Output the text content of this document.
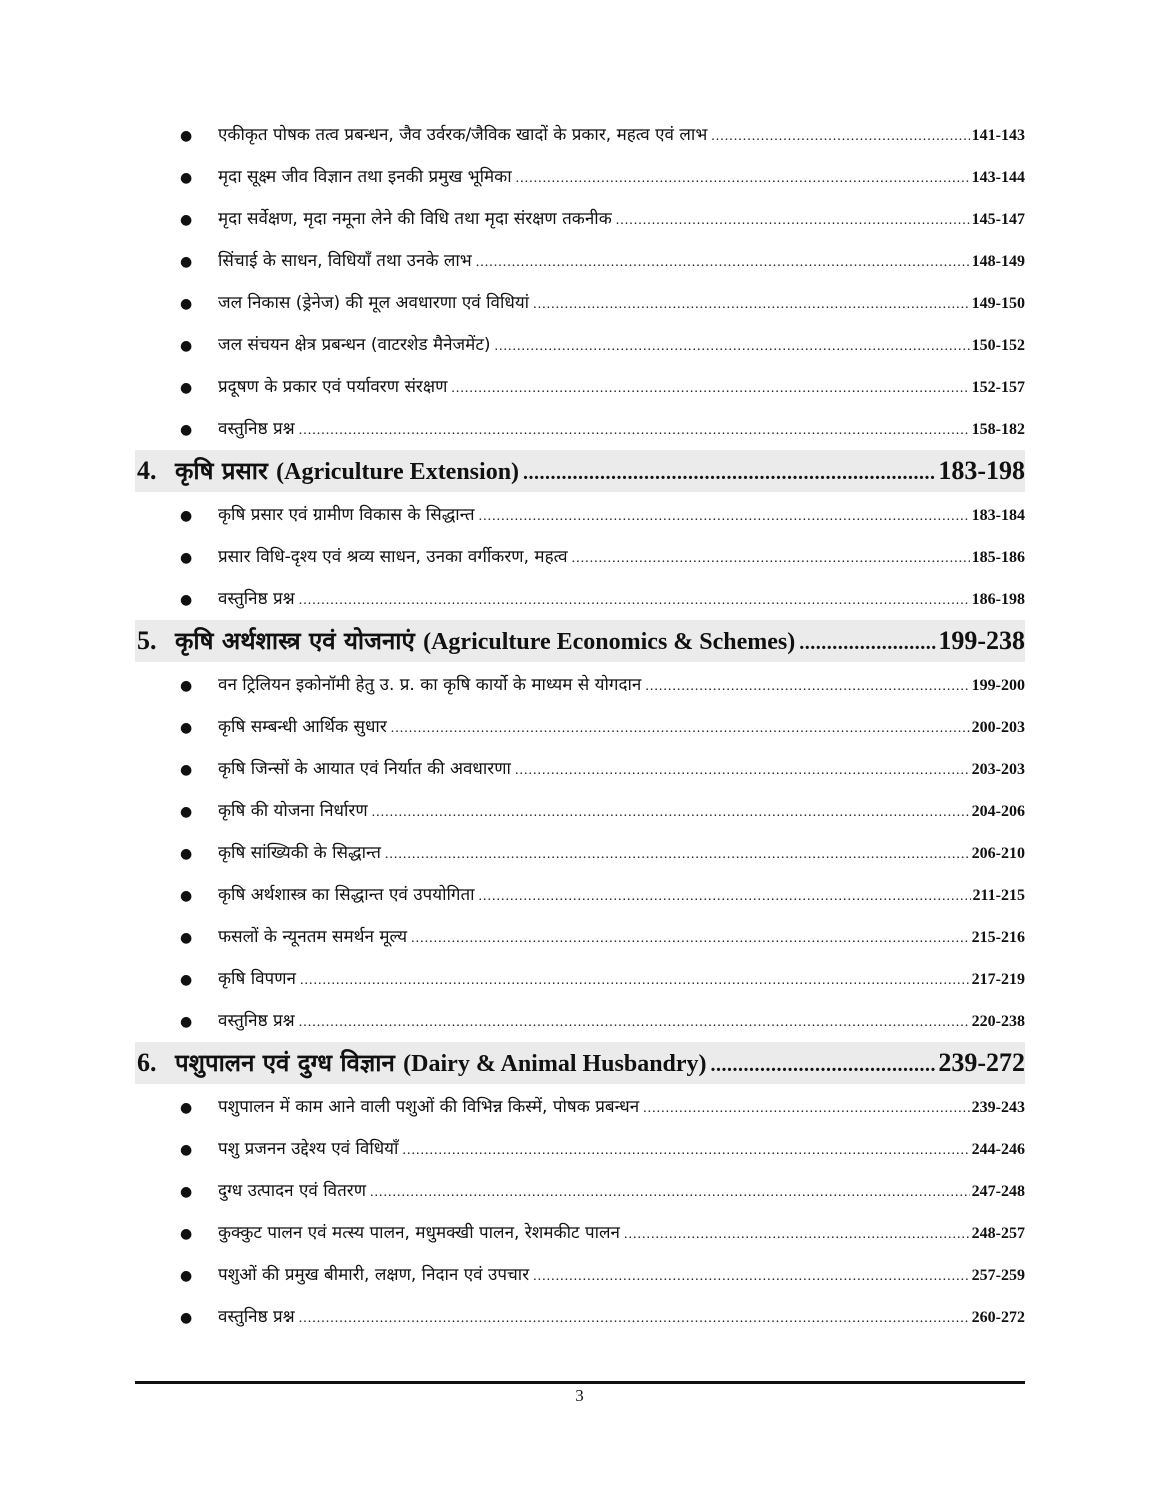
●	एकीकृत पोषक तत्व प्रबन्धन, जैव उर्वरक/जैविक खादों के प्रकार, महत्व एवं लाभ .....	141-143
●	मृदा सूक्ष्म जीव विज्ञान तथा इनकी प्रमुख भूमिका .....	143-144
●	मृदा सर्वेक्षण, मृदा नमूना लेने की विधि तथा मृदा संरक्षण तकनीक .....	145-147
●	सिंचाई के साधन, विधियाँ तथा उनके लाभ .....	148-149
●	जल निकास (ड्रेनेज) की मूल अवधारणा एवं विधियां .....	149-150
●	जल संचयन क्षेत्र प्रबन्धन (वाटरशेड मैनेजमेंट) .....	150-152
●	प्रदूषण के प्रकार एवं पर्यावरण संरक्षण .....	152-157
●	वस्तुनिष्ठ प्रश्न .....	158-182
4. कृषि प्रसार (Agriculture Extension) .....	183-198
●	कृषि प्रसार एवं ग्रामीण विकास के सिद्धान्त .....	183-184
●	प्रसार विधि-दृश्य एवं श्रव्य साधन, उनका वर्गीकरण, महत्व .....	185-186
●	वस्तुनिष्ठ प्रश्न .....	186-198
5. कृषि अर्थशास्त्र एवं योजनाएं (Agriculture Economics & Schemes) .....	199-238
●	वन ट्रिलियन इकोनॉमी हेतु उ. प्र. का कृषि कार्यो के माध्यम से योगदान .....	199-200
●	कृषि सम्बन्धी आर्थिक सुधार .....	200-203
●	कृषि जिन्सों के आयात एवं निर्यात की अवधारणा .....	203-203
●	कृषि की योजना निर्धारण .....	204-206
●	कृषि सांख्यिकी के सिद्धान्त .....	206-210
●	कृषि अर्थशास्त्र का सिद्धान्त एवं उपयोगिता .....	211-215
●	फसलों के न्यूनतम समर्थन मूल्य .....	215-216
●	कृषि विपणन .....	217-219
●	वस्तुनिष्ठ प्रश्न .....	220-238
6. पशुपालन एवं दुग्ध विज्ञान (Dairy & Animal Husbandry) .....	239-272
●	पशुपालन में काम आने वाली पशुओं की विभिन्न किस्में, पोषक प्रबन्धन .....	239-243
●	पशु प्रजनन उद्देश्य एवं विधियाँ .....	244-246
●	दुग्ध उत्पादन एवं वितरण .....	247-248
●	कुक्कुट पालन एवं मत्स्य पालन, मधुमक्खी पालन, रेशमकीट पालन .....	248-257
●	पशुओं की प्रमुख बीमारी, लक्षण, निदान एवं उपचार .....	257-259
●	वस्तुनिष्ठ प्रश्न .....	260-272
3
